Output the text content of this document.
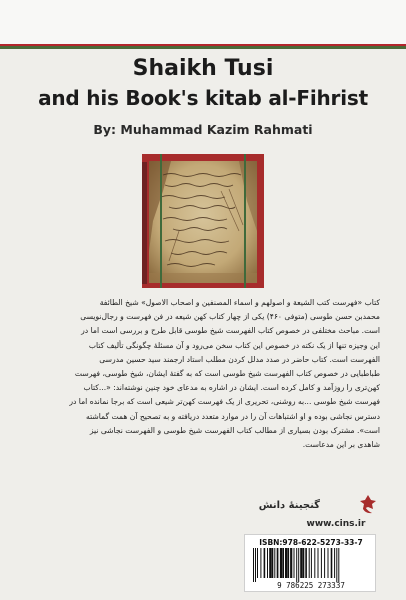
Shaikh Tusi
and his Book's kitab al-Fihrist
By: Muhammad Kazim Rahmati

کتاب «فهرست کتب الشیعة و اصولهم و اسماء المصنفین و اصحاب الاصول» شیخ الطائفة

محمدبن حسن طوسی (متوفی ۴۶۰) یکی از چهار کتاب کهن شیعه در فن فهرست و رجال‌نویسی

است. مباحث مختلفی در خصوص کتاب الفهرست شیخ طوسی قابل طرح و بررسی است اما در

این وجیزه تنها از یک نکته در خصوص این کتاب سخن می‌رود و آن مسئلهٔ چگونگی تألیف کتاب

الفهرست است. کتاب حاضر در صدد مدلل کردن مطلب استاد ارجمند سید حسین مدرسی

طباطبایی در خصوص کتاب الفهرست شیخ طوسی است که به گفتهٔ ایشان، شیخ طوسی، فهرست

کهن‌تری را روزآمد و کامل کرده است. ایشان در اشاره به مدعای خود چنین نوشته‌اند: «...کتاب

فهرست شیخ طوسی ...به روشنی، تحریری از یک فهرست کهن‌تر شیعی است که برجا نمانده اما در

دسترس نجاشی بوده و او اشتباهات آن را در موارد متعدد دریافته و به تصحیح آن همت گماشته

است». مشترک بودن بسیاری از مطالب کتاب الفهرست شیخ طوسی و الفهرست نجاشی نیز

شاهدی بر این مدعاست.

گنجینهٔ دانش
www.cins.ir
ISBN:978-622-5273-33-7
9 786225 273337
